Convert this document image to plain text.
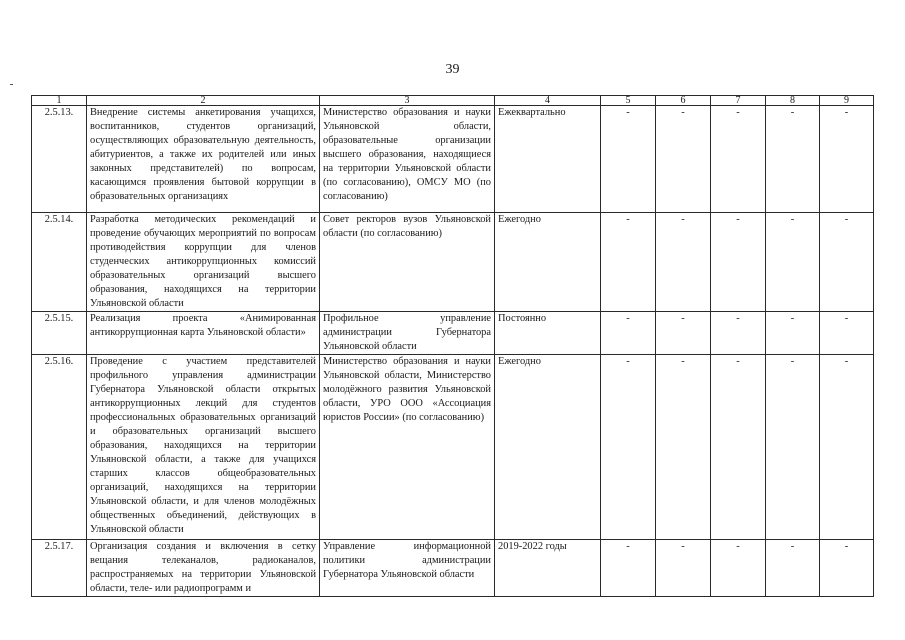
39
1	2	3	4	5	6	7	8	9
2.5.13.	Внедрение системы анкетирования учащихся, воспитанников, студентов организаций, осуществляющих образовательную деятельность, абитуриентов, а также их родителей или иных законных представителей) по вопросам, касающимся проявления бытовой коррупции в образовательных организациях	Министерство образования и науки Ульяновской области, образовательные организации высшего образования, находящиеся на территории Ульяновской области (по согласованию), ОМСУ МО (по согласованию)	Ежеквартально	-	-	-	-	-
2.5.14.	Разработка методических рекомендаций и проведение обучающих мероприятий по вопросам противодействия коррупции для членов студенческих антикоррупционных комиссий образовательных организаций высшего образования, находящихся на территории Ульяновской области	Совет ректоров вузов Ульяновской области (по согласованию)	Ежегодно	-	-	-	-	-
2.5.15.	Реализация проекта «Анимированная антикоррупционная карта Ульяновской области»	Профильное управление администрации Губернатора Ульяновской области	Постоянно	-	-	-	-	-
2.5.16.	Проведение с участием представителей профильного управления администрации Губернатора Ульяновской области открытых антикоррупционных лекций для студентов профессиональных образовательных организаций и образовательных организаций высшего образования, находящихся на территории Ульяновской области, а также для учащихся старших классов общеобразовательных организаций, находящихся на территории Ульяновской области, и для членов молодёжных общественных объединений, действующих в Ульяновской области	Министерство образования и науки Ульяновской области, Министерство молодёжного развития Ульяновской области, УРО ООО «Ассоциация юристов России» (по согласованию)	Ежегодно	-	-	-	-	-
2.5.17.	Организация создания и включения в сетку вещания телеканалов, радиоканалов, распространяемых на территории Ульяновской области, теле- или радиопрограмм и	Управление информационной политики администрации Губернатора Ульяновской области	2019-2022 годы	-	-	-	-	-
